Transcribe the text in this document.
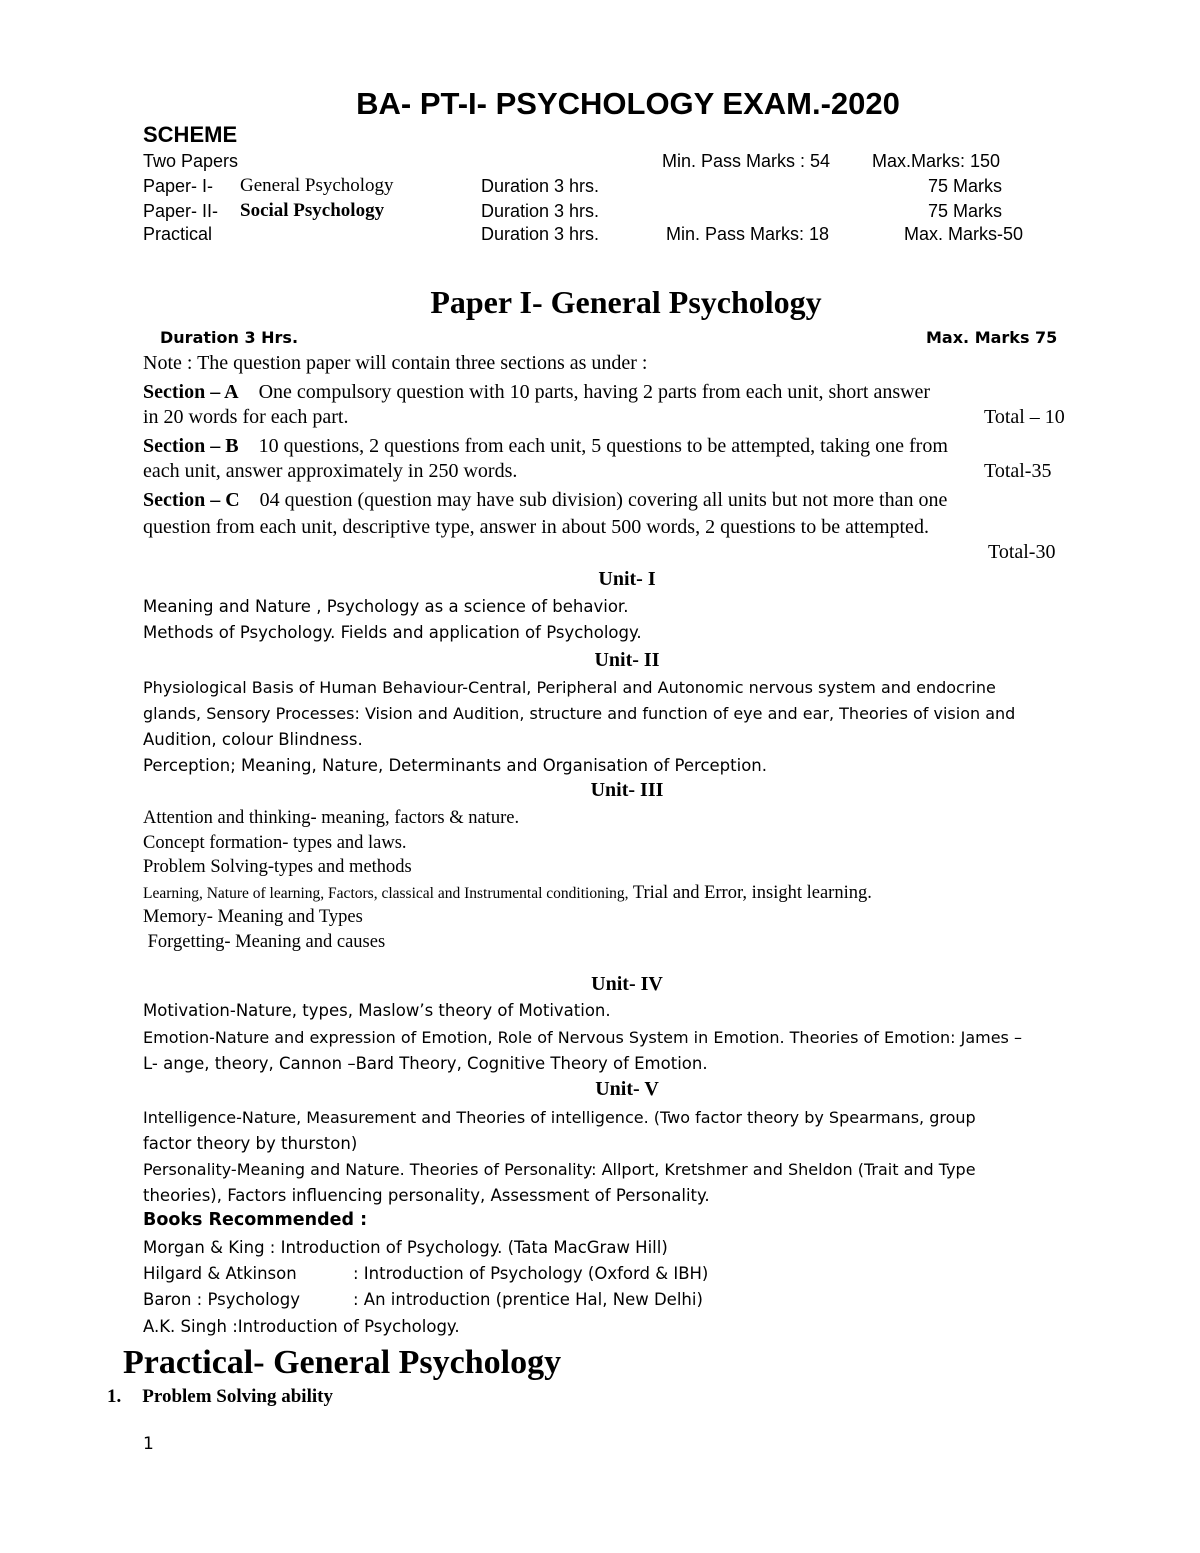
BA- PT-I- PSYCHOLOGY EXAM.-2020
SCHEME
Two Papers	Min. Pass Marks : 54 Max.Marks: 150
Paper- I- General Psychology	Duration 3 hrs.	75 Marks
Paper- II- Social Psychology	Duration 3 hrs.	75 Marks
Practical	Duration 3 hrs.	Min. Pass Marks: 18	Max. Marks-50
Paper I- General Psychology
Duration 3 Hrs.	Max. Marks 75
Note : The question paper will contain three sections as under :
Section – A One compulsory question with 10 parts, having 2 parts from each unit, short answer
in 20 words for each part.	Total – 10
Section – B 10 questions, 2 questions from each unit, 5 questions to be attempted, taking one from
each unit, answer approximately in 250 words.	Total-35
Section – C 04 question (question may have sub division) covering all units but not more than one
question from each unit, descriptive type, answer in about 500 words, 2 questions to be attempted.
Total-30
Unit- I
Meaning and Nature , Psychology as a science of behavior.
Methods of Psychology. Fields and application of Psychology.
Unit- II
Physiological Basis of Human Behaviour-Central, Peripheral and Autonomic nervous system and endocrine
glands, Sensory Processes: Vision and Audition, structure and function of eye and ear, Theories of vision and
Audition, colour Blindness.
Perception; Meaning, Nature, Determinants and Organisation of Perception.
Unit- III
Attention and thinking- meaning, factors & nature.
Concept formation- types and laws.
Problem Solving-types and methods
Learning, Nature of learning, Factors, classical and Instrumental conditioning, Trial and Error, insight learning.
Memory- Meaning and Types
Forgetting- Meaning and causes
Unit- IV
Motivation-Nature, types, Maslow’s theory of Motivation.
Emotion-Nature and expression of Emotion, Role of Nervous System in Emotion. Theories of Emotion: James –
L- ange, theory, Cannon –Bard Theory, Cognitive Theory of Emotion.
Unit- V
Intelligence-Nature, Measurement and Theories of intelligence. (Two factor theory by Spearmans, group
factor theory by thurston)
Personality-Meaning and Nature. Theories of Personality: Allport, Kretshmer and Sheldon (Trait and Type
theories), Factors influencing personality, Assessment of Personality.
Books Recommended :
Morgan & King : Introduction of Psychology. (Tata MacGraw Hill)
Hilgard & Atkinson	: Introduction of Psychology (Oxford & IBH)
Baron : Psychology	: An introduction (prentice Hal, New Delhi)
A.K. Singh :Introduction of Psychology.
Practical- General Psychology
1. Problem Solving ability
1
